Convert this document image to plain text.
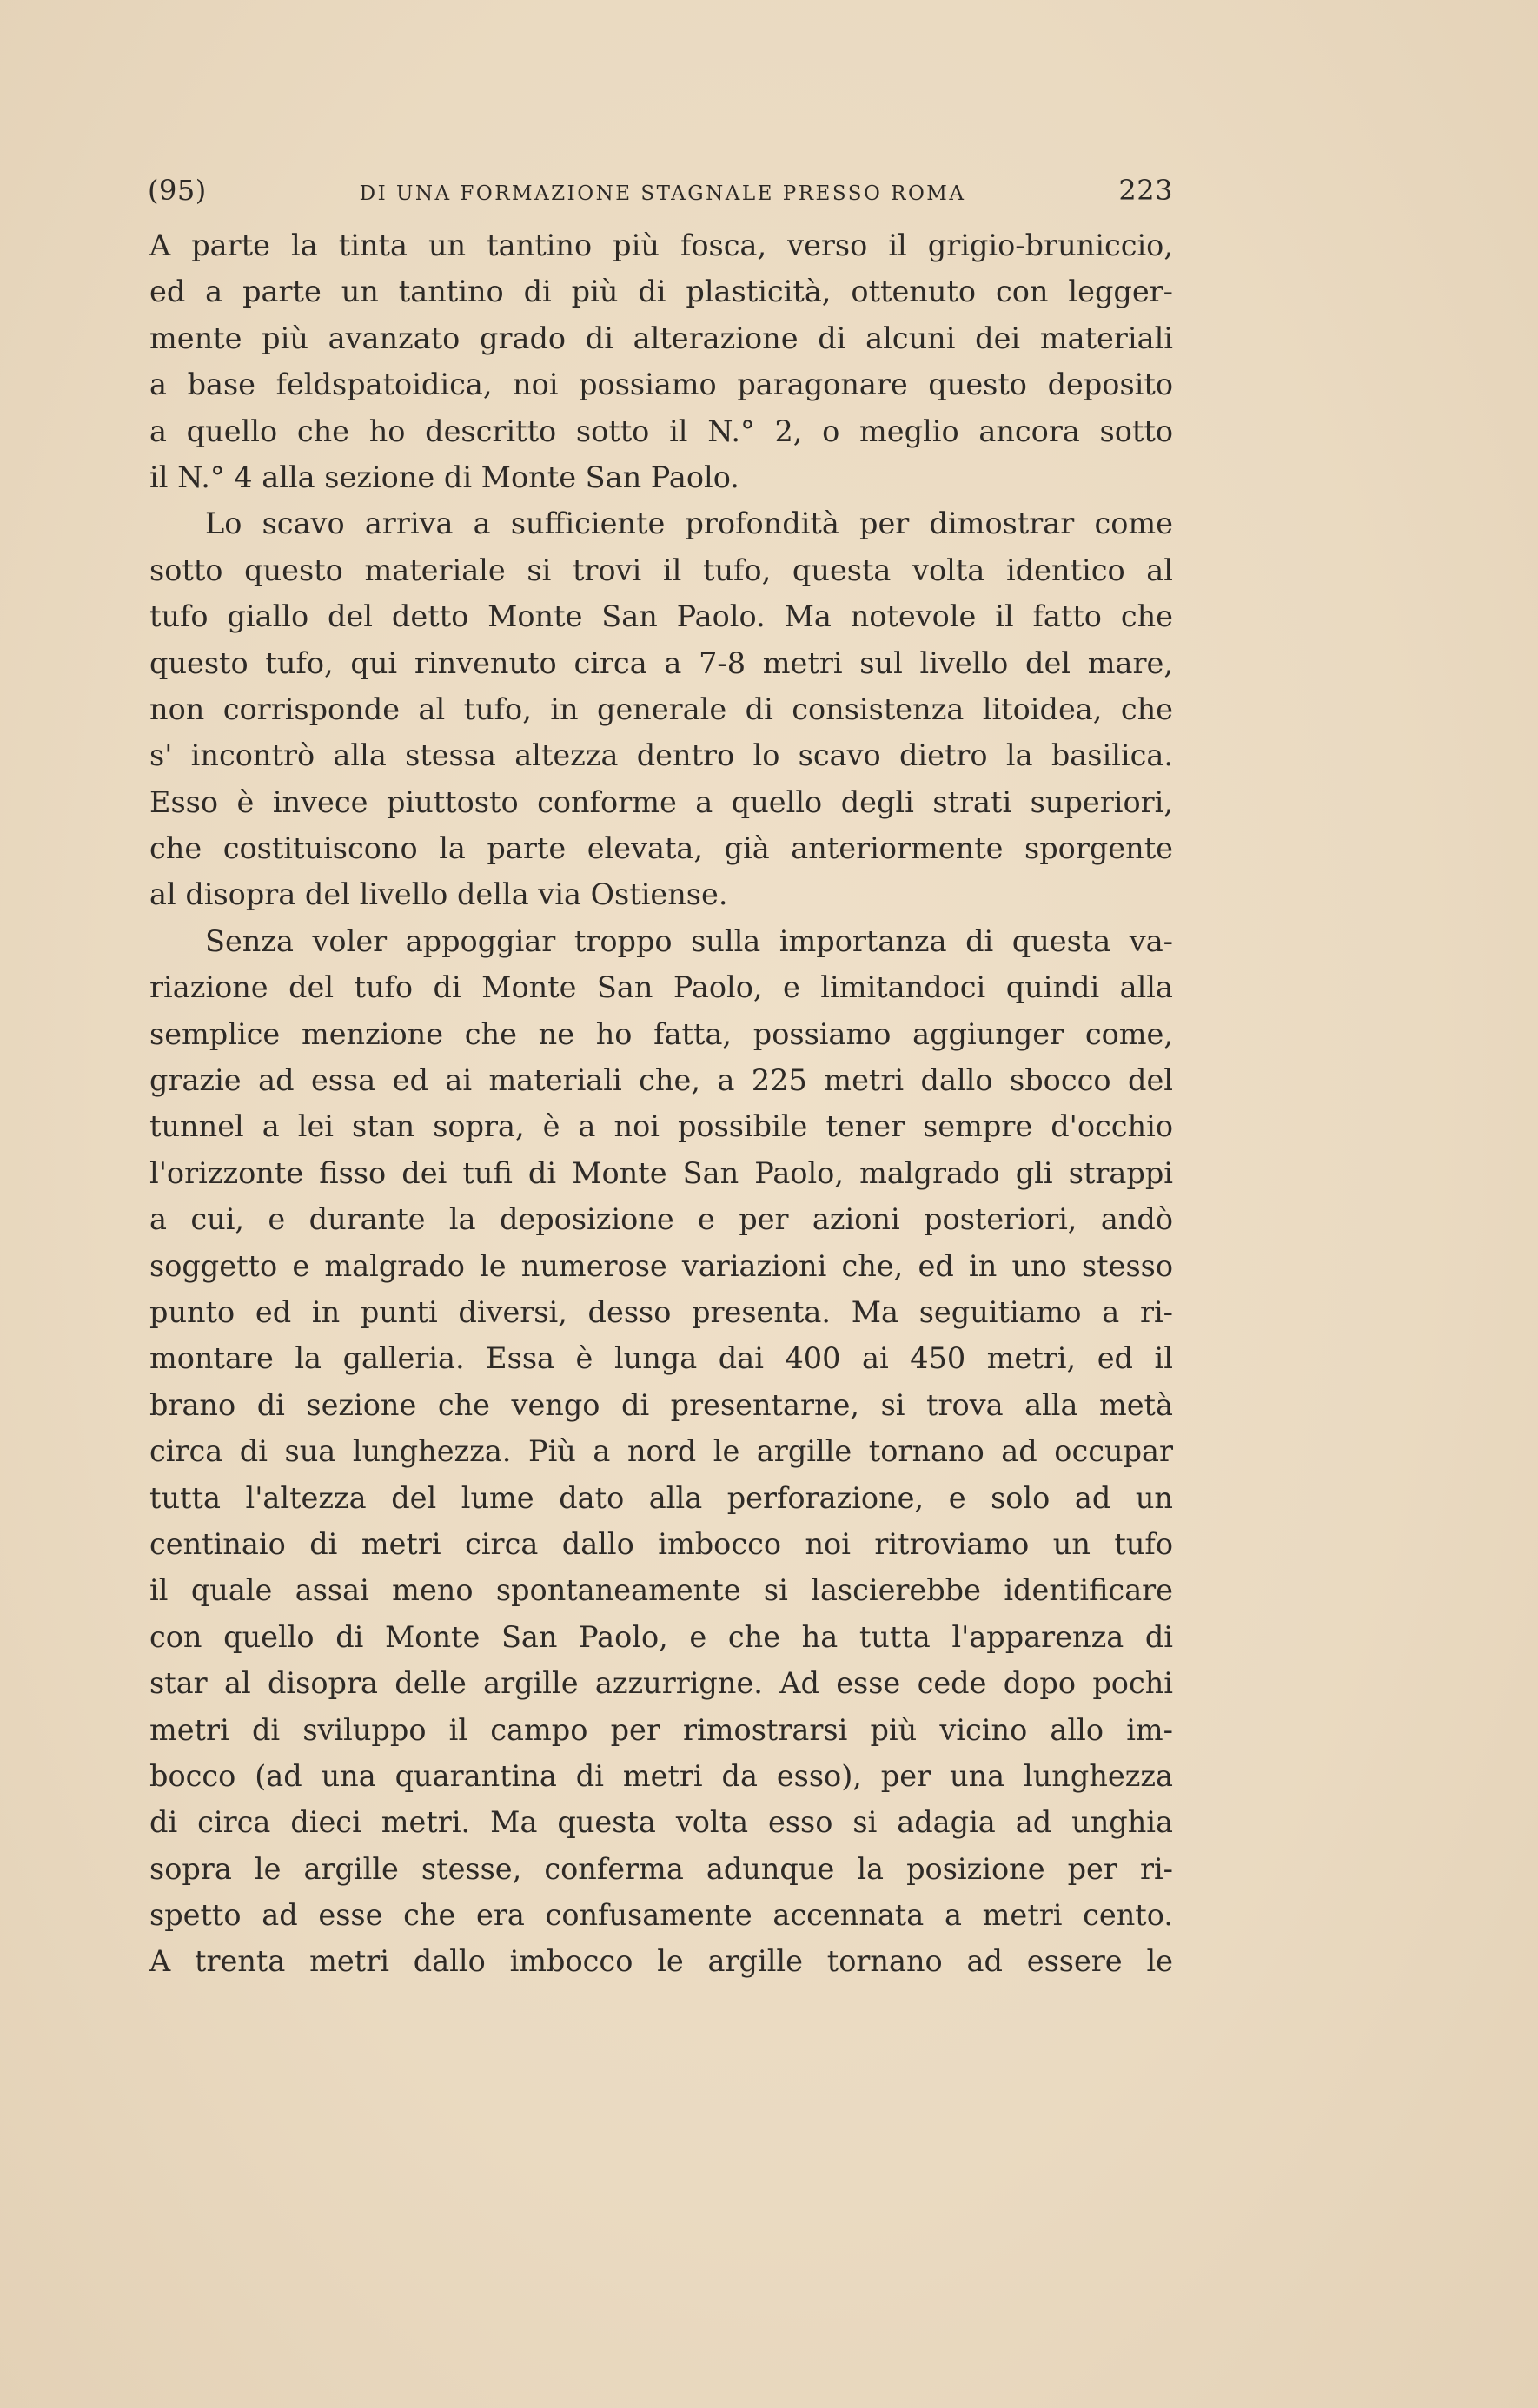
(95)	DI UNA FORMAZIONE STAGNALE PRESSO ROMA	223
A parte la tinta un tantino più fosca, verso il grigio-bruniccio,
ed a parte un tantino di più di plasticità, ottenuto con legger-
mente più avanzato grado di alterazione di alcuni dei materiali
a base feldspatoidica, noi possiamo paragonare questo deposito
a quello che ho descritto sotto il N.° 2, o meglio ancora sotto
il N.° 4 alla sezione di Monte San Paolo.
Lo scavo arriva a sufficiente profondità per dimostrar come
sotto questo materiale si trovi il tufo, questa volta identico al
tufo giallo del detto Monte San Paolo. Ma notevole il fatto che
questo tufo, qui rinvenuto circa a 7-8 metri sul livello del mare,
non corrisponde al tufo, in generale di consistenza litoidea, che
s' incontrò alla stessa altezza dentro lo scavo dietro la basilica.
Esso è invece piuttosto conforme a quello degli strati superiori,
che costituiscono la parte elevata, già anteriormente sporgente
al disopra del livello della via Ostiense.
Senza voler appoggiar troppo sulla importanza di questa va-
riazione del tufo di Monte San Paolo, e limitandoci quindi alla
semplice menzione che ne ho fatta, possiamo aggiunger come,
grazie ad essa ed ai materiali che, a 225 metri dallo sbocco del
tunnel a lei stan sopra, è a noi possibile tener sempre d'occhio
l'orizzonte fisso dei tufi di Monte San Paolo, malgrado gli strappi
a cui, e durante la deposizione e per azioni posteriori, andò
soggetto e malgrado le numerose variazioni che, ed in uno stesso
punto ed in punti diversi, desso presenta. Ma seguitiamo a ri-
montare la galleria. Essa è lunga dai 400 ai 450 metri, ed il
brano di sezione che vengo di presentarne, si trova alla metà
circa di sua lunghezza. Più a nord le argille tornano ad occupar
tutta l'altezza del lume dato alla perforazione, e solo ad un
centinaio di metri circa dallo imbocco noi ritroviamo un tufo
il quale assai meno spontaneamente si lascierebbe identificare
con quello di Monte San Paolo, e che ha tutta l'apparenza di
star al disopra delle argille azzurrigne. Ad esse cede dopo pochi
metri di sviluppo il campo per rimostrarsi più vicino allo im-
bocco (ad una quarantina di metri da esso), per una lunghezza
di circa dieci metri. Ma questa volta esso si adagia ad unghia
sopra le argille stesse, conferma adunque la posizione per ri-
spetto ad esse che era confusamente accennata a metri cento.
A trenta metri dallo imbocco le argille tornano ad essere le
